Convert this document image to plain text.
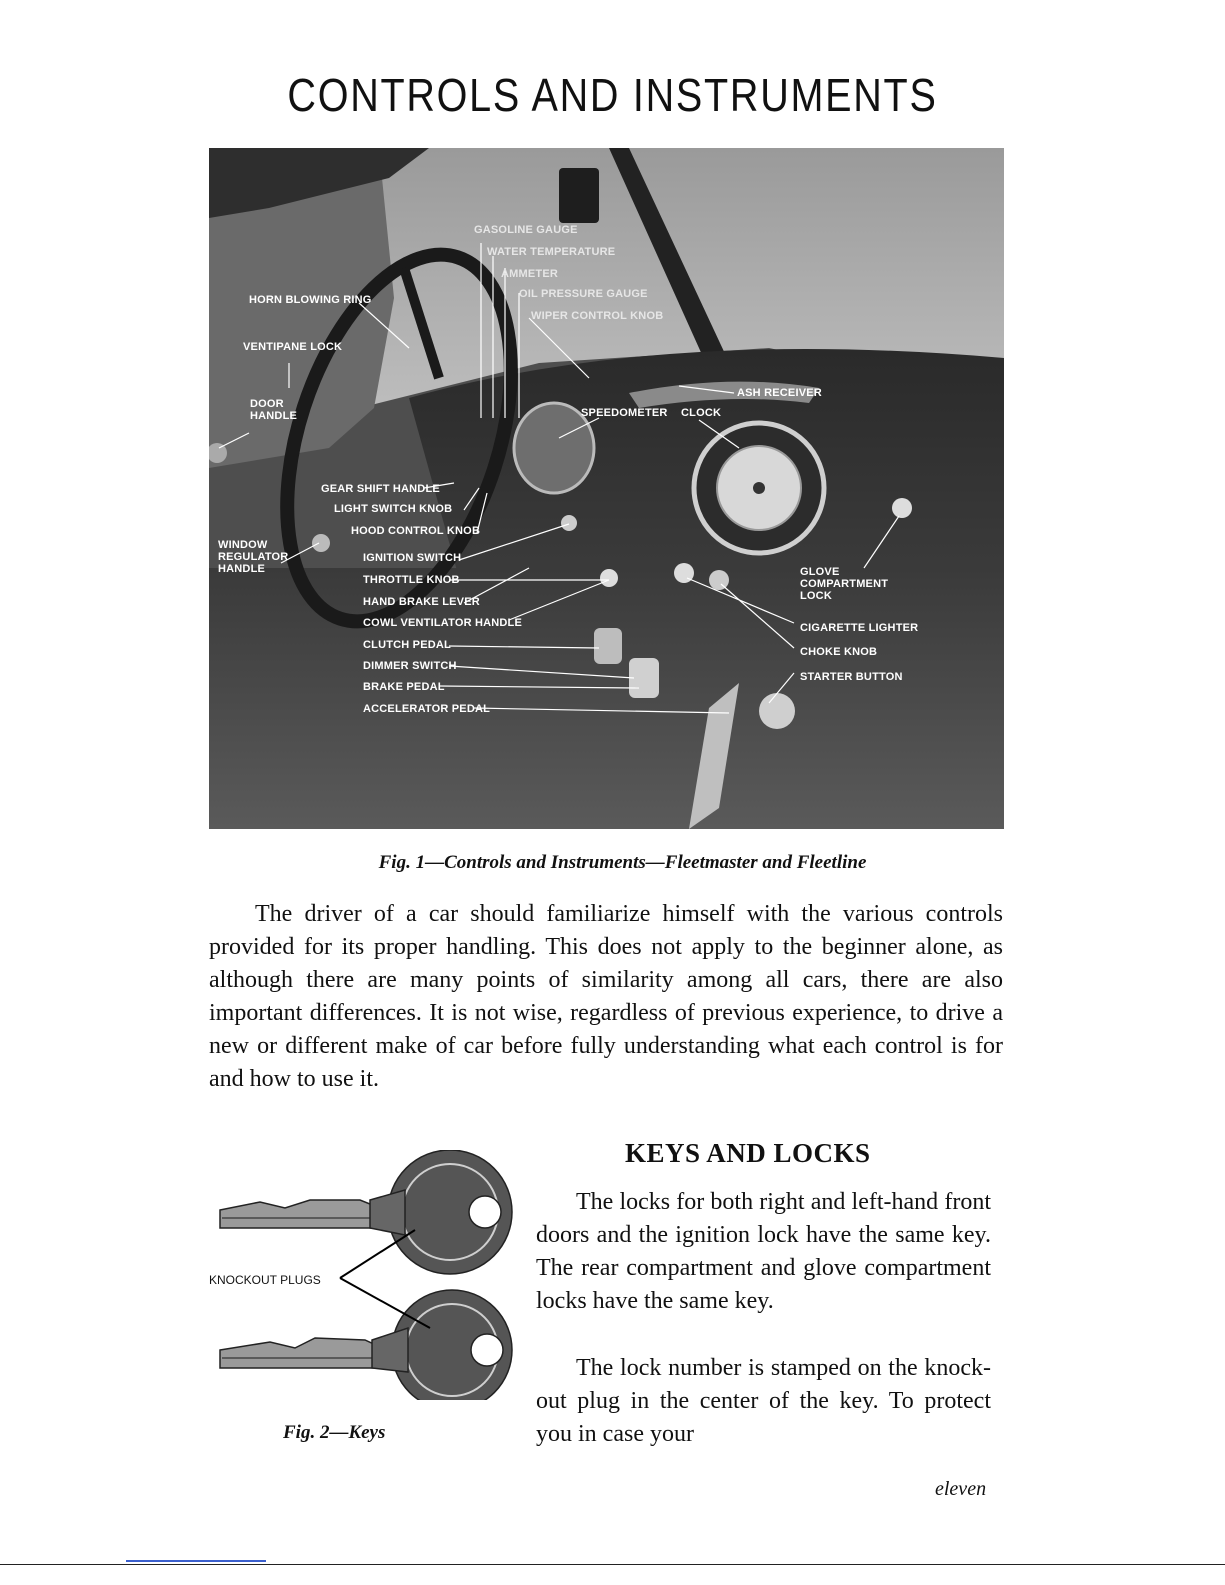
CONTROLS AND INSTRUMENTS
GASOLINE GAUGE
WATER TEMPERATURE
AMMETER
OIL PRESSURE GAUGE
WIPER CONTROL KNOB
HORN BLOWING RING
VENTIPANE LOCK
DOOR
HANDLE
ASH RECEIVER
SPEEDOMETER CLOCK
GEAR SHIFT HANDLE
LIGHT SWITCH KNOB
HOOD CONTROL KNOB
WINDOW
REGULATOR
HANDLE
IGNITION SWITCH
THROTTLE KNOB
HAND BRAKE LEVER
COWL VENTILATOR HANDLE
CLUTCH PEDAL
DIMMER SWITCH
BRAKE PEDAL
ACCELERATOR PEDAL
GLOVE
COMPARTMENT
LOCK
CIGARETTE LIGHTER
CHOKE KNOB
STARTER BUTTON

Fig. 1—Controls and Instruments—Fleetmaster and Fleetline

The driver of a car should familiarize himself with the various controls provided for its proper handling. This does not apply to the beginner alone, as although there are many points of similarity among all cars, there are also important differences. It is not wise, regardless of previous experience, to drive a new or different make of car before fully understanding what each control is for and how to use it.

KNOCKOUT PLUGS

Fig. 2—Keys

KEYS AND LOCKS

The locks for both right and left-hand front doors and the ignition lock have the same key. The rear compartment and glove compartment locks have the same key.

The lock number is stamped on the knock-out plug in the center of the key. To protect you in case your

eleven
